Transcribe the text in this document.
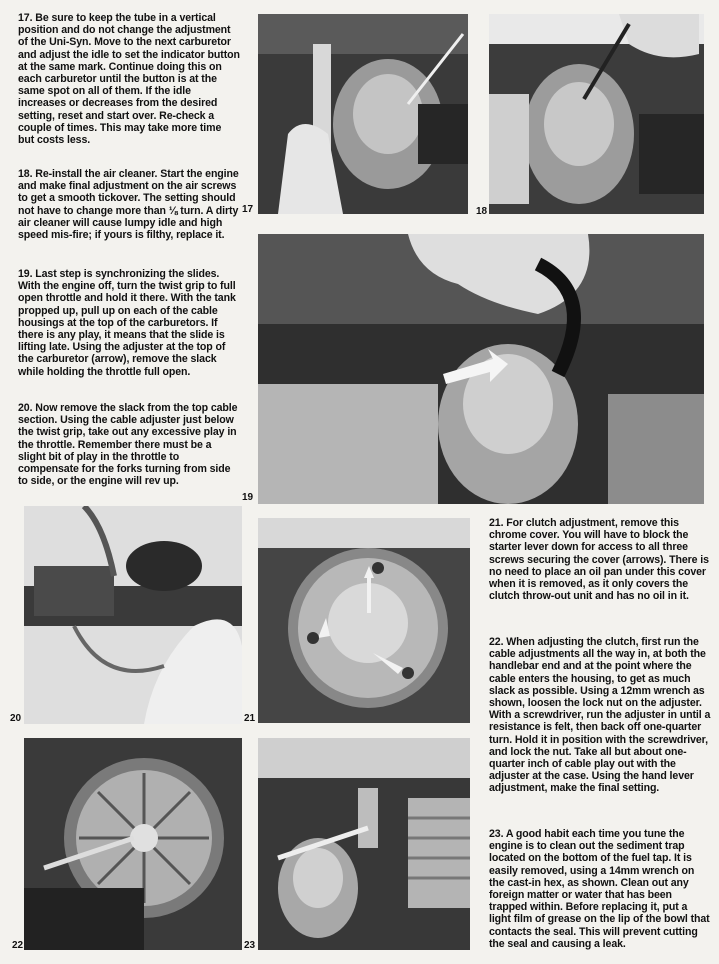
17. Be sure to keep the tube in a vertical position and do not change the adjustment of the Uni-Syn. Move to the next carburetor and adjust the idle to set the indicator button at the same mark. Continue doing this on each carburetor until the button is at the same spot on all of them. If the idle increases or decreases from the desired setting, reset and start over. Re-check a couple of times. This may take more time but costs less.
18. Re-install the air cleaner. Start the engine and make final adjustment on the air screws to get a smooth tickover. The setting should not have to change more than ⅛ turn. A dirty air cleaner will cause lumpy idle and high speed mis-fire; if yours is filthy, replace it.
19. Last step is synchronizing the slides. With the engine off, turn the twist grip to full open throttle and hold it there. With the tank propped up, pull up on each of the cable housings at the top of the carburetors. If there is any play, it means that the slide is lifting late. Using the adjuster at the top of the carburetor (arrow), remove the slack while holding the throttle full open.
20. Now remove the slack from the top cable section. Using the cable adjuster just below the twist grip, take out any excessive play in the throttle. Remember there must be a slight bit of play in the throttle to compensate for the forks turning from side to side, or the engine will rev up.
21. For clutch adjustment, remove this chrome cover. You will have to block the starter lever down for access to all three screws securing the cover (arrows). There is no need to place an oil pan under this cover when it is removed, as it only covers the clutch throw-out unit and has no oil in it.
22. When adjusting the clutch, first run the cable adjustments all the way in, at both the handlebar end and at the point where the cable enters the housing, to get as much slack as possible. Using a 12mm wrench as shown, loosen the lock nut on the adjuster. With a screwdriver, run the adjuster in until a resistance is felt, then back off one-quarter turn. Hold it in position with the screwdriver, and lock the nut. Take all but about one-quarter inch of cable play out with the adjuster at the case. Using the hand lever adjustment, make the final setting.
23. A good habit each time you tune the engine is to clean out the sediment trap located on the bottom of the fuel tap. It is easily removed, using a 14mm wrench on the cast-in hex, as shown. Clean out any foreign matter or water that has been trapped within. Before replacing it, put a light film of grease on the lip of the bowl that contacts the seal. This will prevent cutting the seal and causing a leak.
17	18
19
20	21
22	23
